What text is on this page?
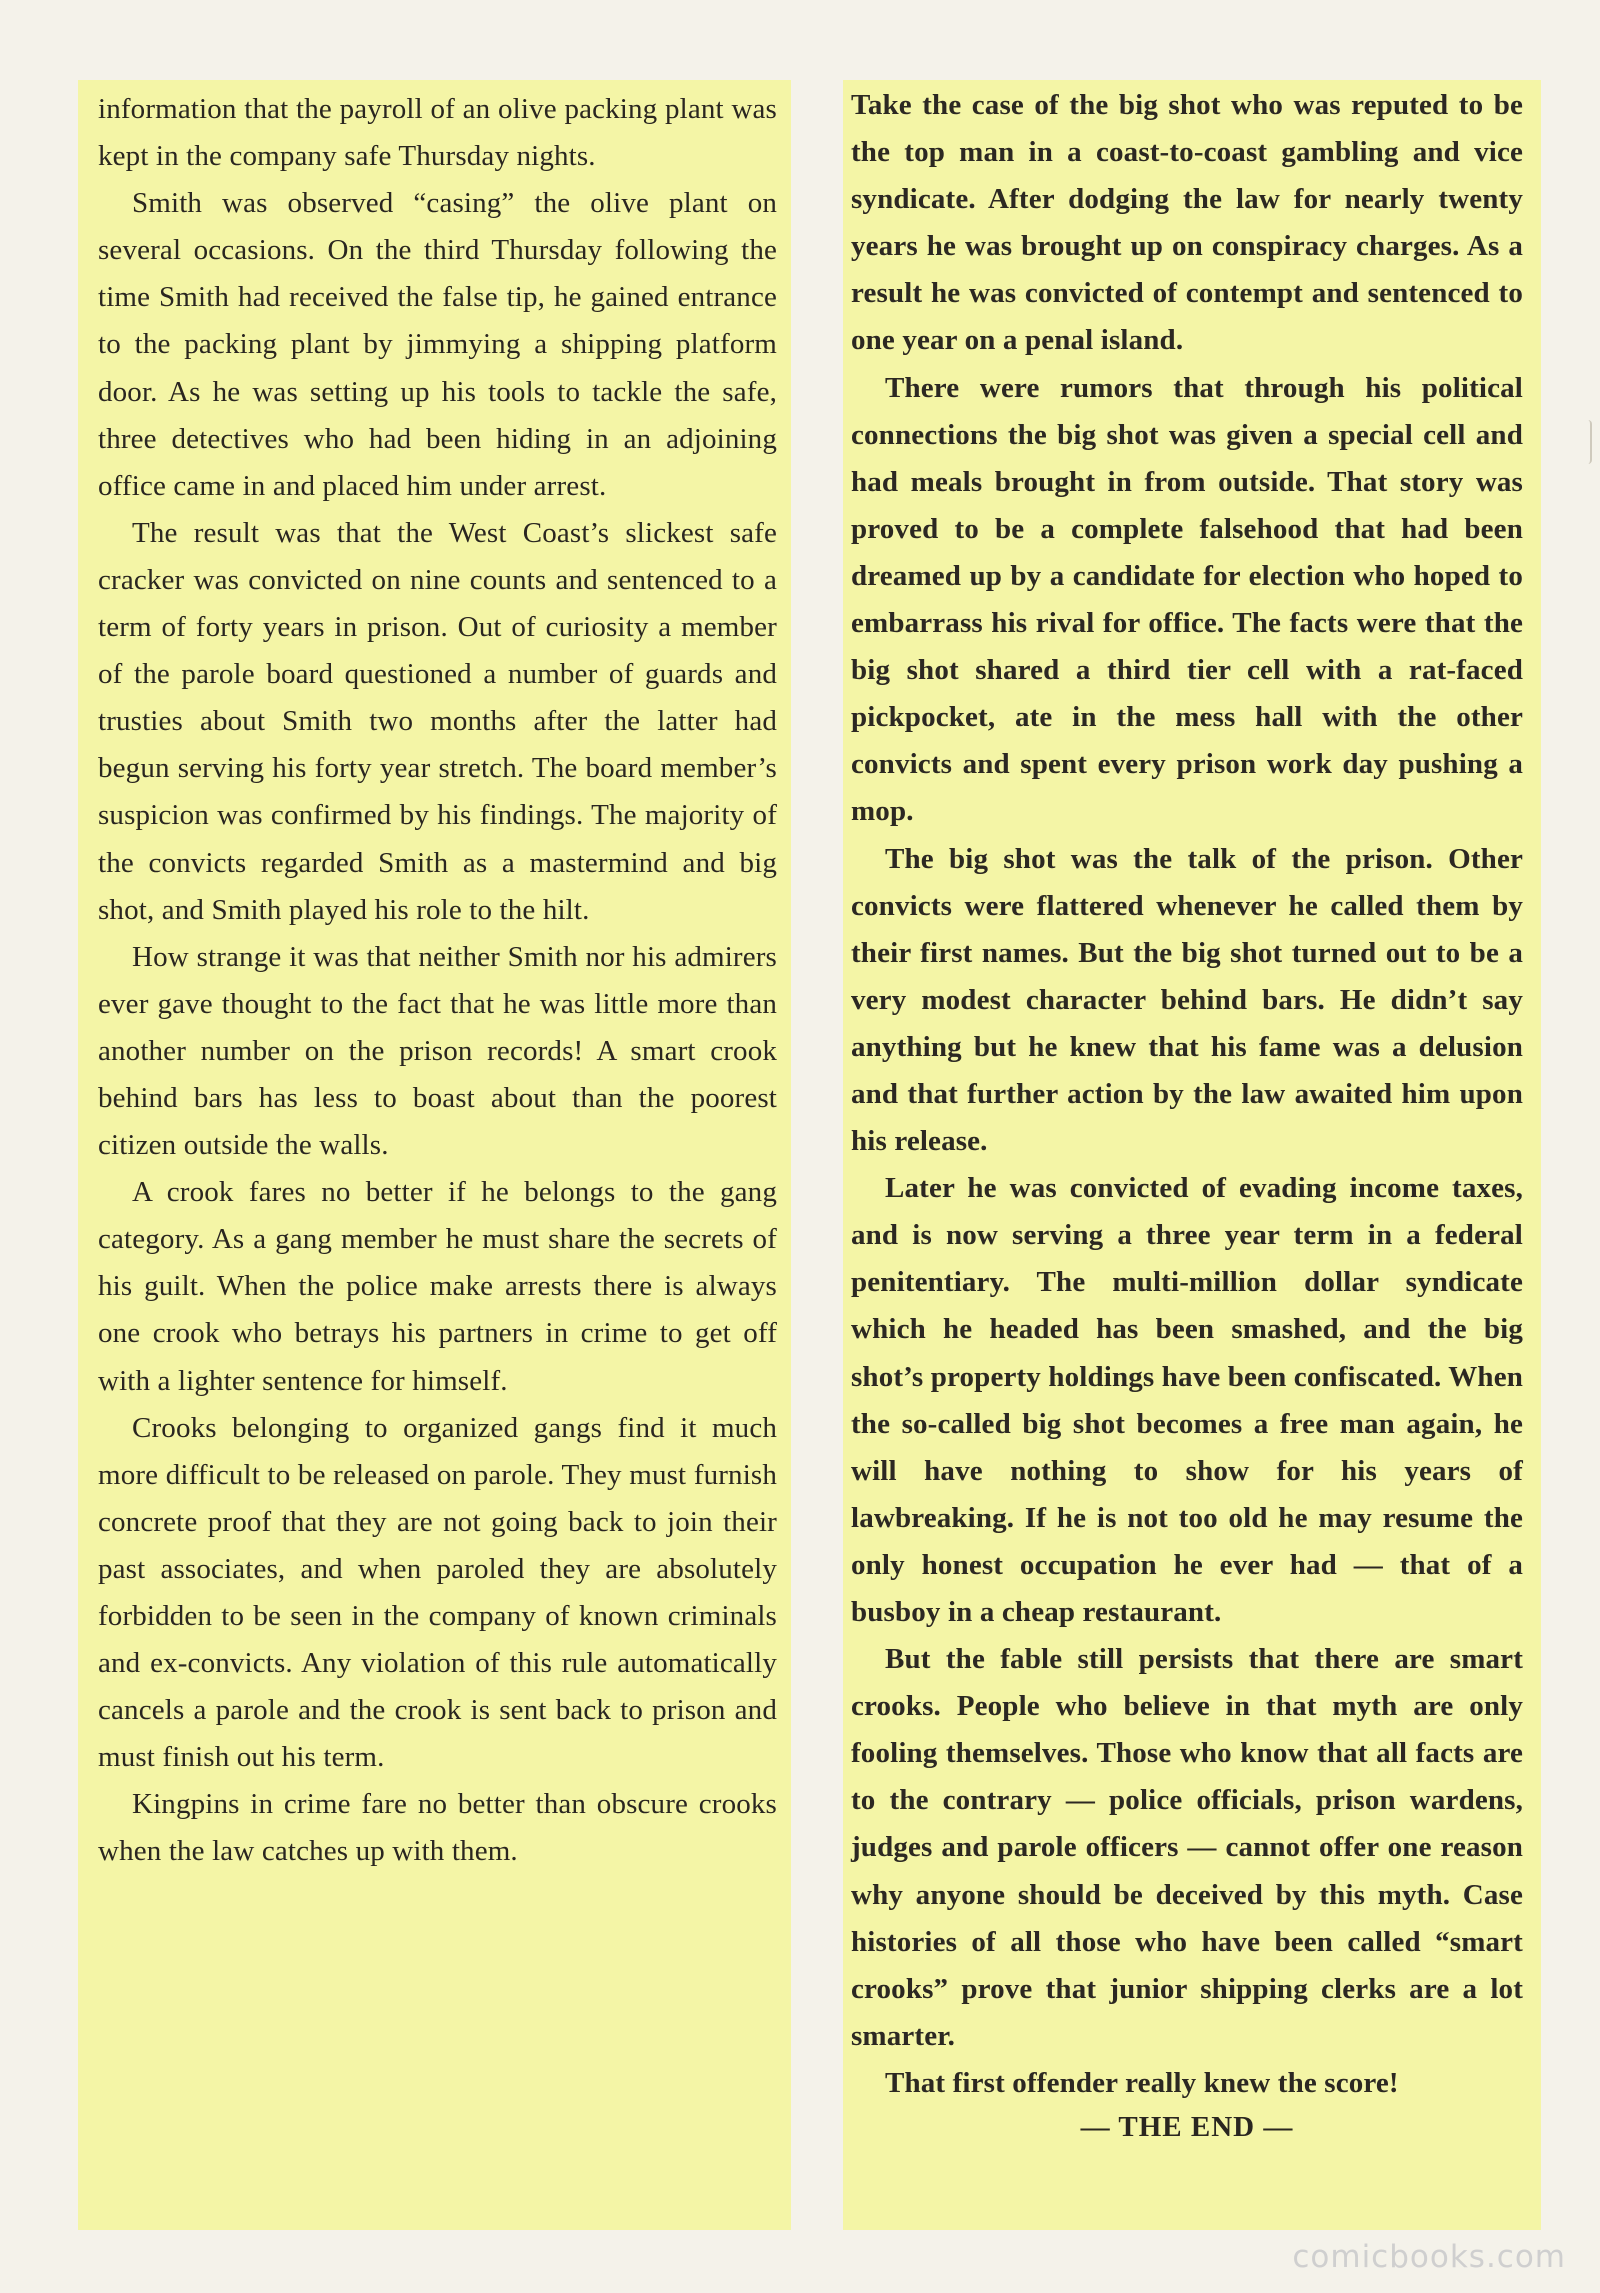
information that the payroll of an olive packing plant was kept in the company safe Thursday nights.

Smith was observed “casing” the olive plant on several occasions. On the third Thursday following the time Smith had received the false tip, he gained entrance to the packing plant by jimmying a shipping platform door. As he was setting up his tools to tackle the safe, three detectives who had been hiding in an adjoining office came in and placed him under arrest.

The result was that the West Coast’s slickest safe cracker was convicted on nine counts and sentenced to a term of forty years in prison. Out of curiosity a member of the parole board questioned a number of guards and trusties about Smith two months after the latter had begun serving his forty year stretch. The board member’s suspicion was confirmed by his findings. The majority of the convicts regarded Smith as a mastermind and big shot, and Smith played his role to the hilt.

How strange it was that neither Smith nor his admirers ever gave thought to the fact that he was little more than another number on the prison records! A smart crook behind bars has less to boast about than the poorest citizen outside the walls.

A crook fares no better if he belongs to the gang category. As a gang member he must share the secrets of his guilt. When the police make arrests there is always one crook who betrays his partners in crime to get off with a lighter sentence for himself.

Crooks belonging to organized gangs find it much more difficult to be released on parole. They must furnish concrete proof that they are not going back to join their past associates, and when paroled they are absolutely forbidden to be seen in the company of known criminals and ex-convicts. Any violation of this rule automatically cancels a parole and the crook is sent back to prison and must finish out his term.

Kingpins in crime fare no better than obscure crooks when the law catches up with them.

Take the case of the big shot who was reputed to be the top man in a coast-to-coast gambling and vice syndicate. After dodging the law for nearly twenty years he was brought up on conspiracy charges. As a result he was convicted of contempt and sentenced to one year on a penal island.

There were rumors that through his political connections the big shot was given a special cell and had meals brought in from outside. That story was proved to be a complete falsehood that had been dreamed up by a candidate for election who hoped to embarrass his rival for office. The facts were that the big shot shared a third tier cell with a rat-faced pickpocket, ate in the mess hall with the other convicts and spent every prison work day pushing a mop.

The big shot was the talk of the prison. Other convicts were flattered whenever he called them by their first names. But the big shot turned out to be a very modest character behind bars. He didn’t say anything but he knew that his fame was a delusion and that further action by the law awaited him upon his release.

Later he was convicted of evading income taxes, and is now serving a three year term in a federal penitentiary. The multi-million dollar syndicate which he headed has been smashed, and the big shot’s property holdings have been confiscated. When the so-called big shot becomes a free man again, he will have nothing to show for his years of lawbreaking. If he is not too old he may resume the only honest occupation he ever had — that of a busboy in a cheap restaurant.

But the fable still persists that there are smart crooks. People who believe in that myth are only fooling themselves. Those who know that all facts are to the contrary — police officials, prison wardens, judges and parole officers — cannot offer one reason why anyone should be deceived by this myth. Case histories of all those who have been called “smart crooks” prove that junior shipping clerks are a lot smarter.

That first offender really knew the score!

— THE END —
comicbooks.com
